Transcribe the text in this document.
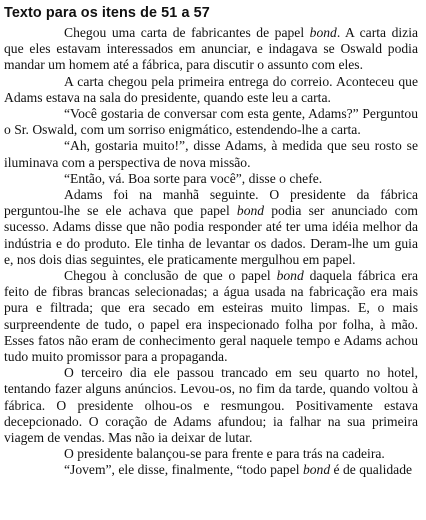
Texto para os itens de 51 a 57

Chegou uma carta de fabricantes de papel bond. A carta dizia que eles estavam interessados em anunciar, e indagava se Oswald podia mandar um homem até a fábrica, para discutir o assunto com eles.

A carta chegou pela primeira entrega do correio. Aconteceu que Adams estava na sala do presidente, quando este leu a carta.

“Você gostaria de conversar com esta gente, Adams?” Perguntou o Sr. Oswald, com um sorriso enigmático, estendendo-lhe a carta.

“Ah, gostaria muito!”, disse Adams, à medida que seu rosto se iluminava com a perspectiva de nova missão.

“Então, vá. Boa sorte para você”, disse o chefe.

Adams foi na manhã seguinte. O presidente da fábrica perguntou-lhe se ele achava que papel bond podia ser anunciado com sucesso. Adams disse que não podia responder até ter uma idéia melhor da indústria e do produto. Ele tinha de levantar os dados. Deram-lhe um guia e, nos dois dias seguintes, ele praticamente mergulhou em papel.

Chegou à conclusão de que o papel bond daquela fábrica era feito de fibras brancas selecionadas; a água usada na fabricação era mais pura e filtrada; que era secado em esteiras muito limpas. E, o mais surpreendente de tudo, o papel era inspecionado folha por folha, à mão. Esses fatos não eram de conhecimento geral naquele tempo e Adams achou tudo muito promissor para a propaganda.

O terceiro dia ele passou trancado em seu quarto no hotel, tentando fazer alguns anúncios. Levou-os, no fim da tarde, quando voltou à fábrica. O presidente olhou-os e resmungou. Positivamente estava decepcionado. O coração de Adams afundou; ia falhar na sua primeira viagem de vendas. Mas não ia deixar de lutar.

O presidente balançou-se para frente e para trás na cadeira.

“Jovem”, ele disse, finalmente, “todo papel bond é de qualidade
